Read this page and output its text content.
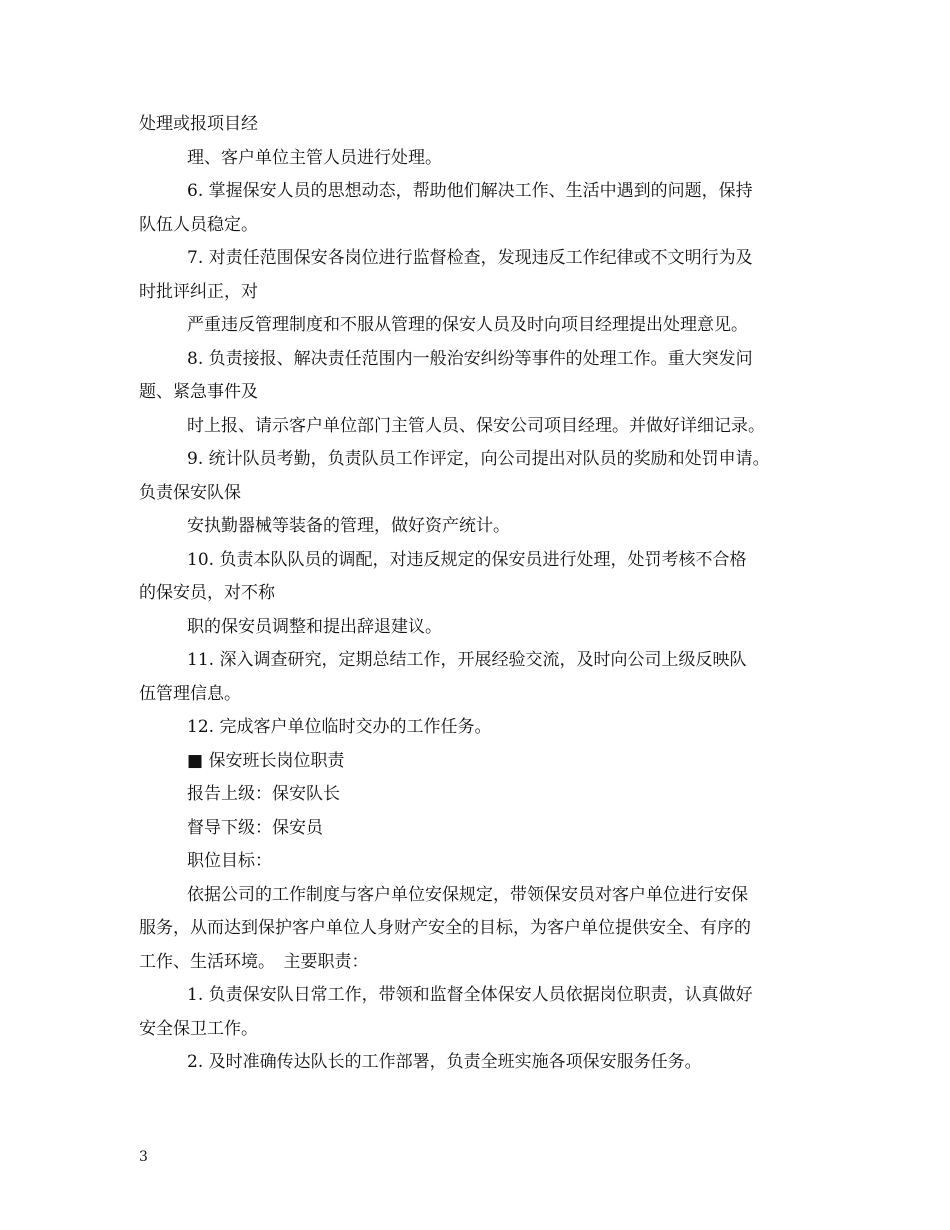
处理或报项目经
理、客户单位主管人员进行处理。
6. 掌握保安人员的思想动态，帮助他们解决工作、生活中遇到的问题，保持
队伍人员稳定。
7. 对责任范围保安各岗位进行监督检查，发现违反工作纪律或不文明行为及
时批评纠正，对
严重违反管理制度和不服从管理的保安人员及时向项目经理提出处理意见。
8. 负责接报、解决责任范围内一般治安纠纷等事件的处理工作。重大突发问
题、紧急事件及
时上报、请示客户单位部门主管人员、保安公司项目经理。并做好详细记录。
9. 统计队员考勤，负责队员工作评定，向公司提出对队员的奖励和处罚申请。
负责保安队保
安执勤器械等装备的管理，做好资产统计。
10. 负责本队队员的调配，对违反规定的保安员进行处理，处罚考核不合格
的保安员，对不称
职的保安员调整和提出辞退建议。
11. 深入调查研究，定期总结工作，开展经验交流，及时向公司上级反映队
伍管理信息。
12. 完成客户单位临时交办的工作任务。
■ 保安班长岗位职责
报告上级：保安队长
督导下级：保安员
职位目标：
依据公司的工作制度与客户单位安保规定，带领保安员对客户单位进行安保
服务，从而达到保护客户单位人身财产安全的目标，为客户单位提供安全、有序的
工作、生活环境。　主要职责：
1. 负责保安队日常工作，带领和监督全体保安人员依据岗位职责，认真做好
安全保卫工作。
2. 及时准确传达队长的工作部署，负责全班实施各项保安服务任务。
3
